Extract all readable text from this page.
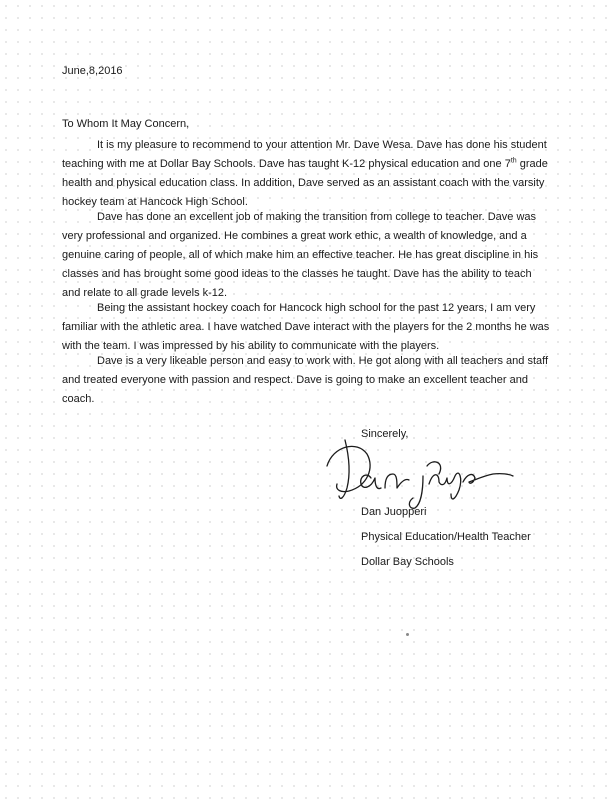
June,8,2016
To Whom It May Concern,
It is my pleasure to recommend to your attention Mr. Dave Wesa. Dave has done his student teaching with me at Dollar Bay Schools. Dave has taught K-12 physical education and one 7th grade health and physical education class. In addition, Dave served as an assistant coach with the varsity hockey team at Hancock High School.
Dave has done an excellent job of making the transition from college to teacher. Dave was very professional and organized. He combines a great work ethic, a wealth of knowledge, and a genuine caring of people, all of which make him an effective teacher. He has great discipline in his classes and has brought some good ideas to the classes he taught. Dave has the ability to teach and relate to all grade levels k-12.
Being the assistant hockey coach for Hancock high school for the past 12 years, I am very familiar with the athletic area. I have watched Dave interact with the players for the 2 months he was with the team. I was impressed by his ability to communicate with the players.
Dave is a very likeable person and easy to work with. He got along with all teachers and staff and treated everyone with passion and respect. Dave is going to make an excellent teacher and coach.
Sincerely,
Dan Juopperi
Physical Education/Health Teacher
Dollar Bay Schools
